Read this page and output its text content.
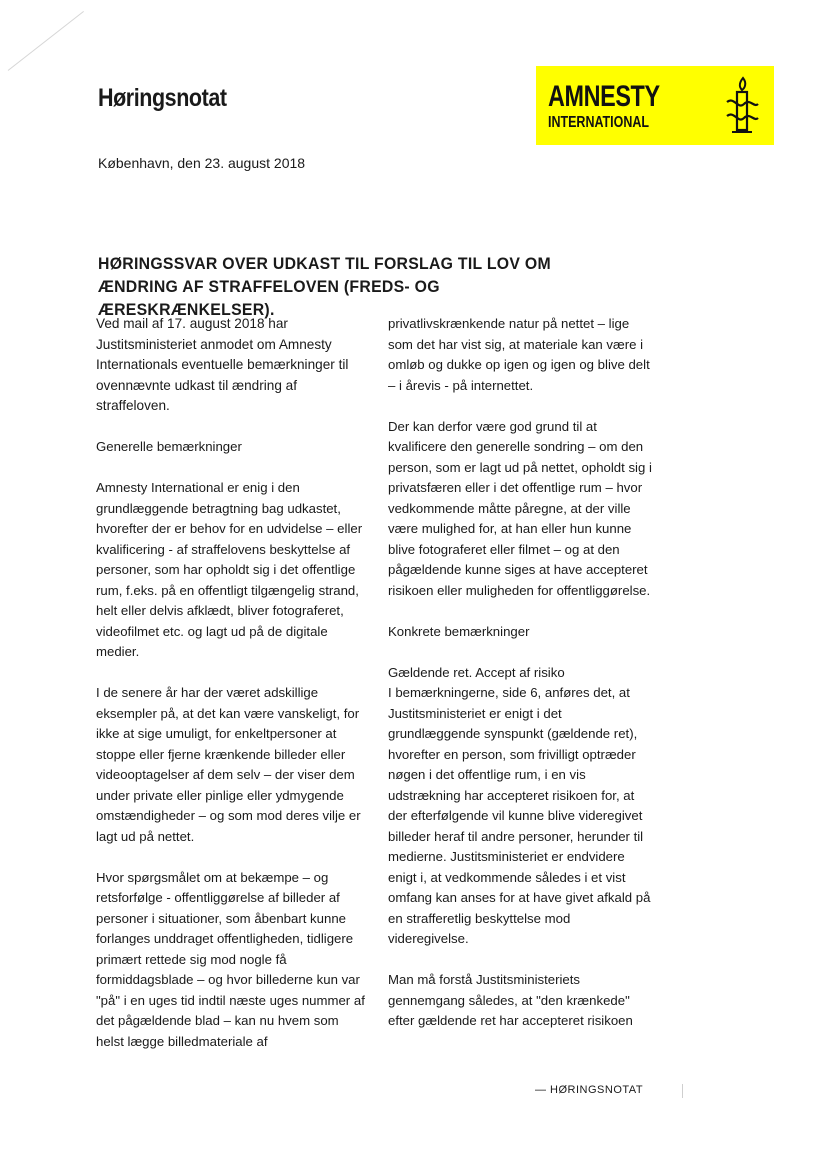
Høringsnotat	AMNESTY
INTERNATIONAL

København, den 23. august 2018

HØRINGSSVAR OVER UDKAST TIL FORSLAG TIL LOV OM ÆNDRING AF STRAFFELOVEN (FREDS- OG ÆRESKRÆNKELSER).

Ved mail af 17. august 2018 har Justitsministeriet anmodet om Amnesty Internationals eventuelle bemærkninger til ovennævnte udkast til ændring af straffeloven.

Generelle bemærkninger

Amnesty International er enig i den grundlæggende betragtning bag udkastet, hvorefter der er behov for en udvidelse – eller kvalificering - af straffelovens beskyttelse af personer, som har opholdt sig i det offentlige rum, f.eks. på en offentligt tilgængelig strand, helt eller delvis afklædt, bliver fotograferet, videofilmet etc. og lagt ud på de digitale medier.

I de senere år har der været adskillige eksempler på, at det kan være vanskeligt, for ikke at sige umuligt, for enkeltpersoner at stoppe eller fjerne krænkende billeder eller videooptagelser af dem selv – der viser dem under private eller pinlige eller ydmygende omstændigheder – og som mod deres vilje er lagt ud på nettet.

Hvor spørgsmålet om at bekæmpe – og retsforfølge - offentliggørelse af billeder af personer i situationer, som åbenbart kunne forlanges unddraget offentligheden, tidligere primært rettede sig mod nogle få formiddagsblade – og hvor billederne kun var "på" i en uges tid indtil næste uges nummer af det pågældende blad – kan nu hvem som helst lægge billedmateriale af

privatlivskrænkende natur på nettet – lige som det har vist sig, at materiale kan være i omløb og dukke op igen og igen og blive delt – i årevis - på internettet.

Der kan derfor være god grund til at kvalificere den generelle sondring – om den person, som er lagt ud på nettet, opholdt sig i privatsfæren eller i det offentlige rum – hvor vedkommende måtte påregne, at der ville være mulighed for, at han eller hun kunne blive fotograferet eller filmet – og at den pågældende kunne siges at have accepteret risikoen eller muligheden for offentliggørelse.

Konkrete bemærkninger

Gældende ret. Accept af risiko

I bemærkningerne, side 6, anføres det, at Justitsministeriet er enigt i det grundlæggende synspunkt (gældende ret), hvorefter en person, som frivilligt optræder nøgen i det offentlige rum, i en vis udstrækning har accepteret risikoen for, at der efterfølgende vil kunne blive videregivet billeder heraf til andre personer, herunder til medierne. Justitsministeriet er endvidere enigt i, at vedkommende således i et vist omfang kan anses for at have givet afkald på en strafferetlig beskyttelse mod videregivelse.

Man må forstå Justitsministeriets gennemgang således, at "den krænkede" efter gældende ret har accepteret risikoen

— HØRINGSNOTAT
